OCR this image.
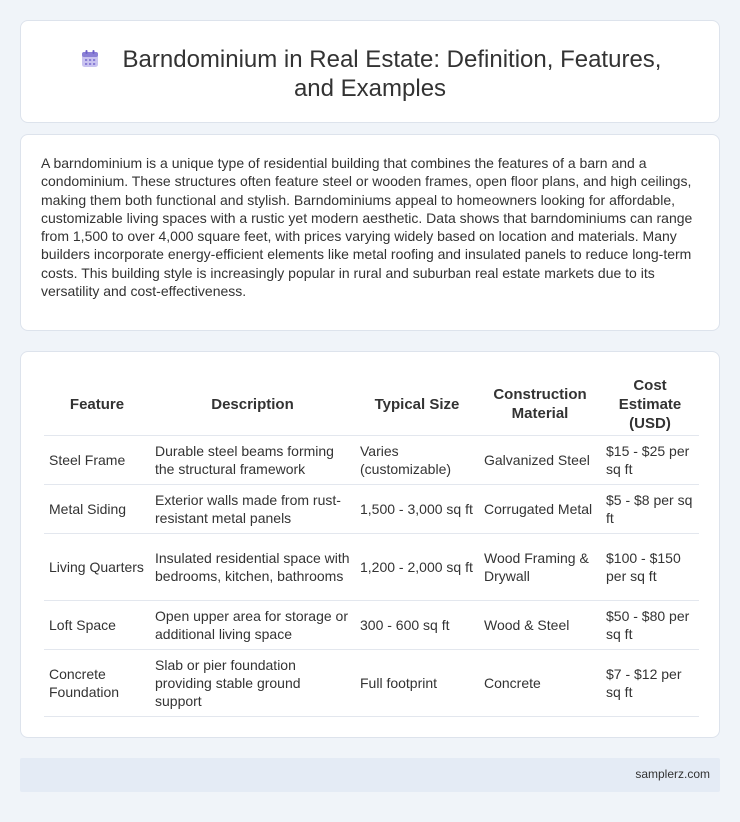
Barndominium in Real Estate: Definition, Features, and Examples

A barndominium is a unique type of residential building that combines the features of a barn and a condominium. These structures often feature steel or wooden frames, open floor plans, and high ceilings, making them both functional and stylish. Barndominiums appeal to homeowners looking for affordable, customizable living spaces with a rustic yet modern aesthetic. Data shows that barndominiums can range from 1,500 to over 4,000 square feet, with prices varying widely based on location and materials. Many builders incorporate energy-efficient elements like metal roofing and insulated panels to reduce long-term costs. This building style is increasingly popular in rural and suburban real estate markets due to its versatility and cost-effectiveness.

Feature	Description	Typical Size	Construction Material	Cost Estimate (USD)
Steel Frame	Durable steel beams forming the structural framework	Varies (customizable)	Galvanized Steel	$15 - $25 per sq ft
Metal Siding	Exterior walls made from rust-resistant metal panels	1,500 - 3,000 sq ft	Corrugated Metal	$5 - $8 per sq ft
Living Quarters	Insulated residential space with bedrooms, kitchen, bathrooms	1,200 - 2,000 sq ft	Wood Framing & Drywall	$100 - $150 per sq ft
Loft Space	Open upper area for storage or additional living space	300 - 600 sq ft	Wood & Steel	$50 - $80 per sq ft
Concrete Foundation	Slab or pier foundation providing stable ground support	Full footprint	Concrete	$7 - $12 per sq ft
samplerz.com
